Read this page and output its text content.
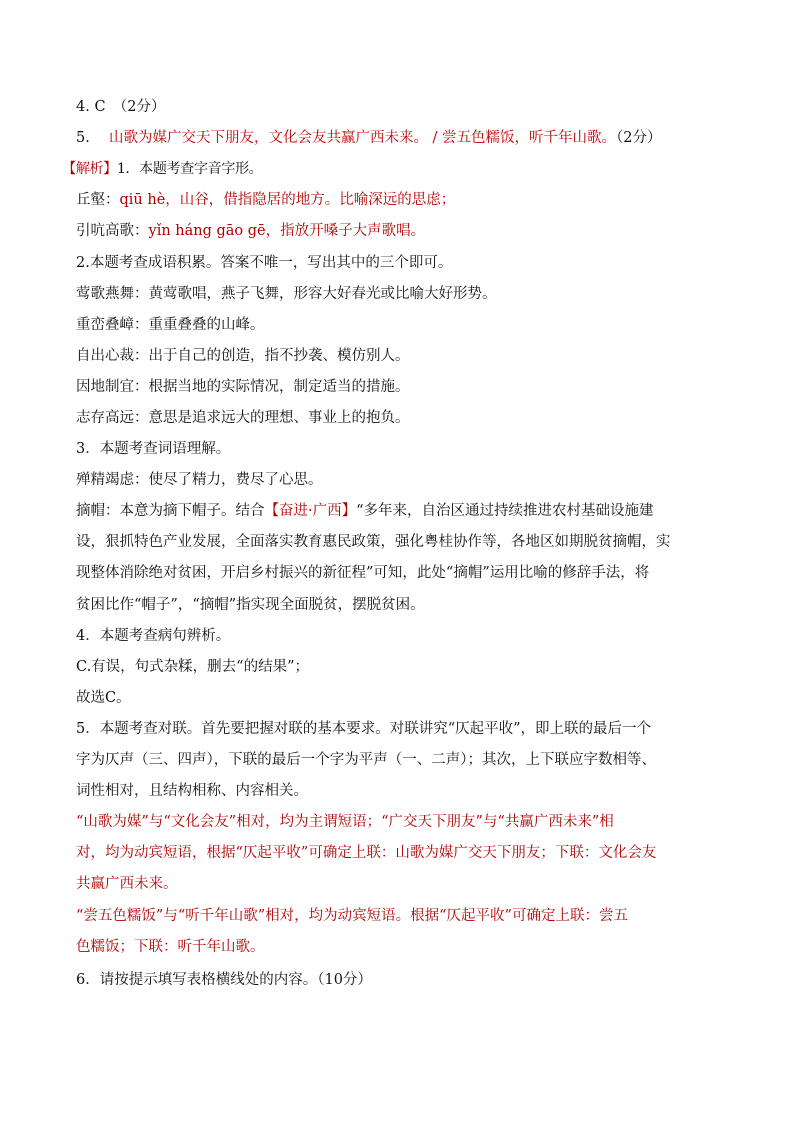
4. C　（2分）
5.　 山歌为媒广交天下朋友，文化会友共赢广西未来。 / 尝五色糯饭，听千年山歌。（2分）
【解析】1．本题考查字音字形。
丘壑：qiū hè，山谷，借指隐居的地方。比喻深远的思虑；
引吭高歌：yǐn háng gāo gē，指放开嗓子大声歌唱。
2.本题考查成语积累。答案不唯一，写出其中的三个即可。
莺歌燕舞：黄莺歌唱，燕子飞舞，形容大好春光或比喻大好形势。
重峦叠嶂：重重叠叠的山峰。
自出心裁：出于自己的创造，指不抄袭、模仿别人。
因地制宜：根据当地的实际情况，制定适当的措施。
志存高远：意思是追求远大的理想、事业上的抱负。
3．本题考查词语理解。
殚精竭虑：使尽了精力，费尽了心思。
摘帽：本意为摘下帽子。结合【奋进·广西】“多年来，自治区通过持续推进农村基础设施建
设，狠抓特色产业发展，全面落实教育惠民政策，强化粤桂协作等，各地区如期脱贫摘帽，实
现整体消除绝对贫困，开启乡村振兴的新征程”可知，此处“摘帽”运用比喻的修辞手法，将
贫困比作“帽子”，“摘帽”指实现全面脱贫，摆脱贫困。
4．本题考查病句辨析。
C.有误，句式杂糅，删去“的结果”；
故选C。
5．本题考查对联。首先要把握对联的基本要求。对联讲究“仄起平收”，即上联的最后一个
字为仄声（三、四声），下联的最后一个字为平声（一、二声）；其次，上下联应字数相等、
词性相对，且结构相称、内容相关。
“山歌为媒”与“文化会友”相对，均为主谓短语；“广交天下朋友”与“共赢广西未来”相
对，均为动宾短语，根据“仄起平收”可确定上联：山歌为媒广交天下朋友；下联：文化会友
共赢广西未来。
“尝五色糯饭”与“听千年山歌”相对，均为动宾短语。根据“仄起平收”可确定上联：尝五
色糯饭；下联：听千年山歌。
6．请按提示填写表格横线处的内容。（10分）
